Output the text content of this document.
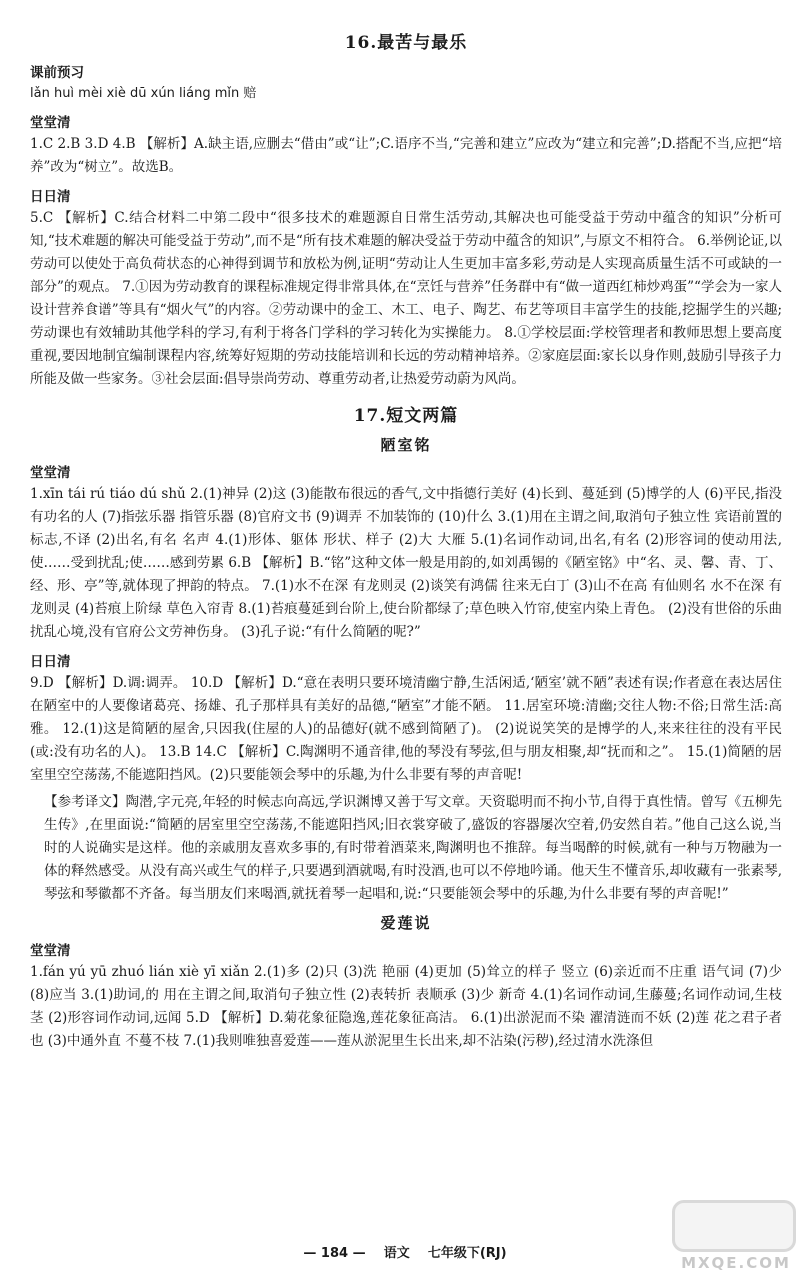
16.最苦与最乐
课前预习

lǎn huì mèi xiè dū xún liáng mǐn 赔

堂堂清

1.C 2.B 3.D 4.B 【解析】A.缺主语,应删去“借由”或“让”;C.语序不当,“完善和建立”应改为“建立和完善”;D.搭配不当,应把“培养”改为“树立”。故选B。

日日清

5.C 【解析】C.结合材料二中第二段中“很多技术的难题源自日常生活劳动,其解决也可能受益于劳动中蕴含的知识”分析可知,“技术难题的解决可能受益于劳动”,而不是“所有技术难题的解决受益于劳动中蕴含的知识”,与原文不相符合。 6.举例论证,以劳动可以使处于高负荷状态的心神得到调节和放松为例,证明“劳动让人生更加丰富多彩,劳动是人实现高质量生活不可或缺的一部分”的观点。 7.①因为劳动教育的课程标准规定得非常具体,在“烹饪与营养”任务群中有“做一道西红柿炒鸡蛋”“学会为一家人设计营养食谱”等具有“烟火气”的内容。②劳动课中的金工、木工、电子、陶艺、布艺等项目丰富学生的技能,挖掘学生的兴趣;劳动课也有效辅助其他学科的学习,有利于将各门学科的学习转化为实操能力。 8.①学校层面:学校管理者和教师思想上要高度重视,要因地制宜编制课程内容,统筹好短期的劳动技能培训和长远的劳动精神培养。②家庭层面:家长以身作则,鼓励引导孩子力所能及做一些家务。③社会层面:倡导崇尚劳动、尊重劳动者,让热爱劳动蔚为风尚。

17.短文两篇
陋室铭
堂堂清

1.xīn tái rú tiáo dú shǔ 2.(1)神异 (2)这 (3)能散布很远的香气,文中指德行美好 (4)长到、蔓延到 (5)博学的人 (6)平民,指没有功名的人 (7)指弦乐器 指管乐器 (8)官府文书 (9)调弄 不加装饰的 (10)什么 3.(1)用在主谓之间,取消句子独立性 宾语前置的标志,不译 (2)出名,有名 名声 4.(1)形体、躯体 形状、样子 (2)大 大雁 5.(1)名词作动词,出名,有名 (2)形容词的使动用法,使……受到扰乱;使……感到劳累 6.B 【解析】B.“铭”这种文体一般是用韵的,如刘禹锡的《陋室铭》中“名、灵、馨、青、丁、经、形、亭”等,就体现了押韵的特点。 7.(1)水不在深 有龙则灵 (2)谈笑有鸿儒 往来无白丁 (3)山不在高 有仙则名 水不在深 有龙则灵 (4)苔痕上阶绿 草色入帘青 8.(1)苔痕蔓延到台阶上,使台阶都绿了;草色映入竹帘,使室内染上青色。 (2)没有世俗的乐曲扰乱心境,没有官府公文劳神伤身。 (3)孔子说:“有什么简陋的呢?”

日日清

9.D 【解析】D.调:调弄。 10.D 【解析】D.“意在表明只要环境清幽宁静,生活闲适,‘陋室’就不陋”表述有误;作者意在表达居住在陋室中的人要像诸葛亮、扬雄、孔子那样具有美好的品德,“陋室”才能不陋。 11.居室环境:清幽;交往人物:不俗;日常生活:高雅。 12.(1)这是简陋的屋舍,只因我(住屋的人)的品德好(就不感到简陋了)。 (2)说说笑笑的是博学的人,来来往往的没有平民(或:没有功名的人)。 13.B 14.C 【解析】C.陶渊明不通音律,他的琴没有琴弦,但与朋友相聚,却“抚而和之”。 15.(1)简陋的居室里空空荡荡,不能遮阳挡风。(2)只要能领会琴中的乐趣,为什么非要有琴的声音呢!

【参考译文】陶潜,字元亮,年轻的时候志向高远,学识渊博又善于写文章。天资聪明而不拘小节,自得于真性情。曾写《五柳先生传》,在里面说:“简陋的居室里空空荡荡,不能遮阳挡风;旧衣裳穿破了,盛饭的容器屡次空着,仍安然自若。”他自己这么说,当时的人说确实是这样。他的亲戚朋友喜欢多事的,有时带着酒菜来,陶渊明也不推辞。每当喝醉的时候,就有一种与万物融为一体的释然感受。从没有高兴或生气的样子,只要遇到酒就喝,有时没酒,也可以不停地吟诵。他天生不懂音乐,却收藏有一张素琴,琴弦和琴徽都不齐备。每当朋友们来喝酒,就抚着琴一起唱和,说:“只要能领会琴中的乐趣,为什么非要有琴的声音呢!”

爱莲说
堂堂清

1.fán yú yū zhuó lián xiè yī xiǎn 2.(1)多 (2)只 (3)洗 艳丽 (4)更加 (5)耸立的样子 竖立 (6)亲近而不庄重 语气词 (7)少 (8)应当 3.(1)助词,的 用在主谓之间,取消句子独立性 (2)表转折 表顺承 (3)少 新奇 4.(1)名词作动词,生藤蔓;名词作动词,生枝茎 (2)形容词作动词,远闻 5.D 【解析】D.菊花象征隐逸,莲花象征高洁。 6.(1)出淤泥而不染 濯清涟而不妖 (2)莲 花之君子者也 (3)中通外直 不蔓不枝 7.(1)我则唯独喜爱莲——莲从淤泥里生长出来,却不沾染(污秽),经过清水洗涤但

— 184 — 语文 七年级下(RJ)
MXQE.COM
